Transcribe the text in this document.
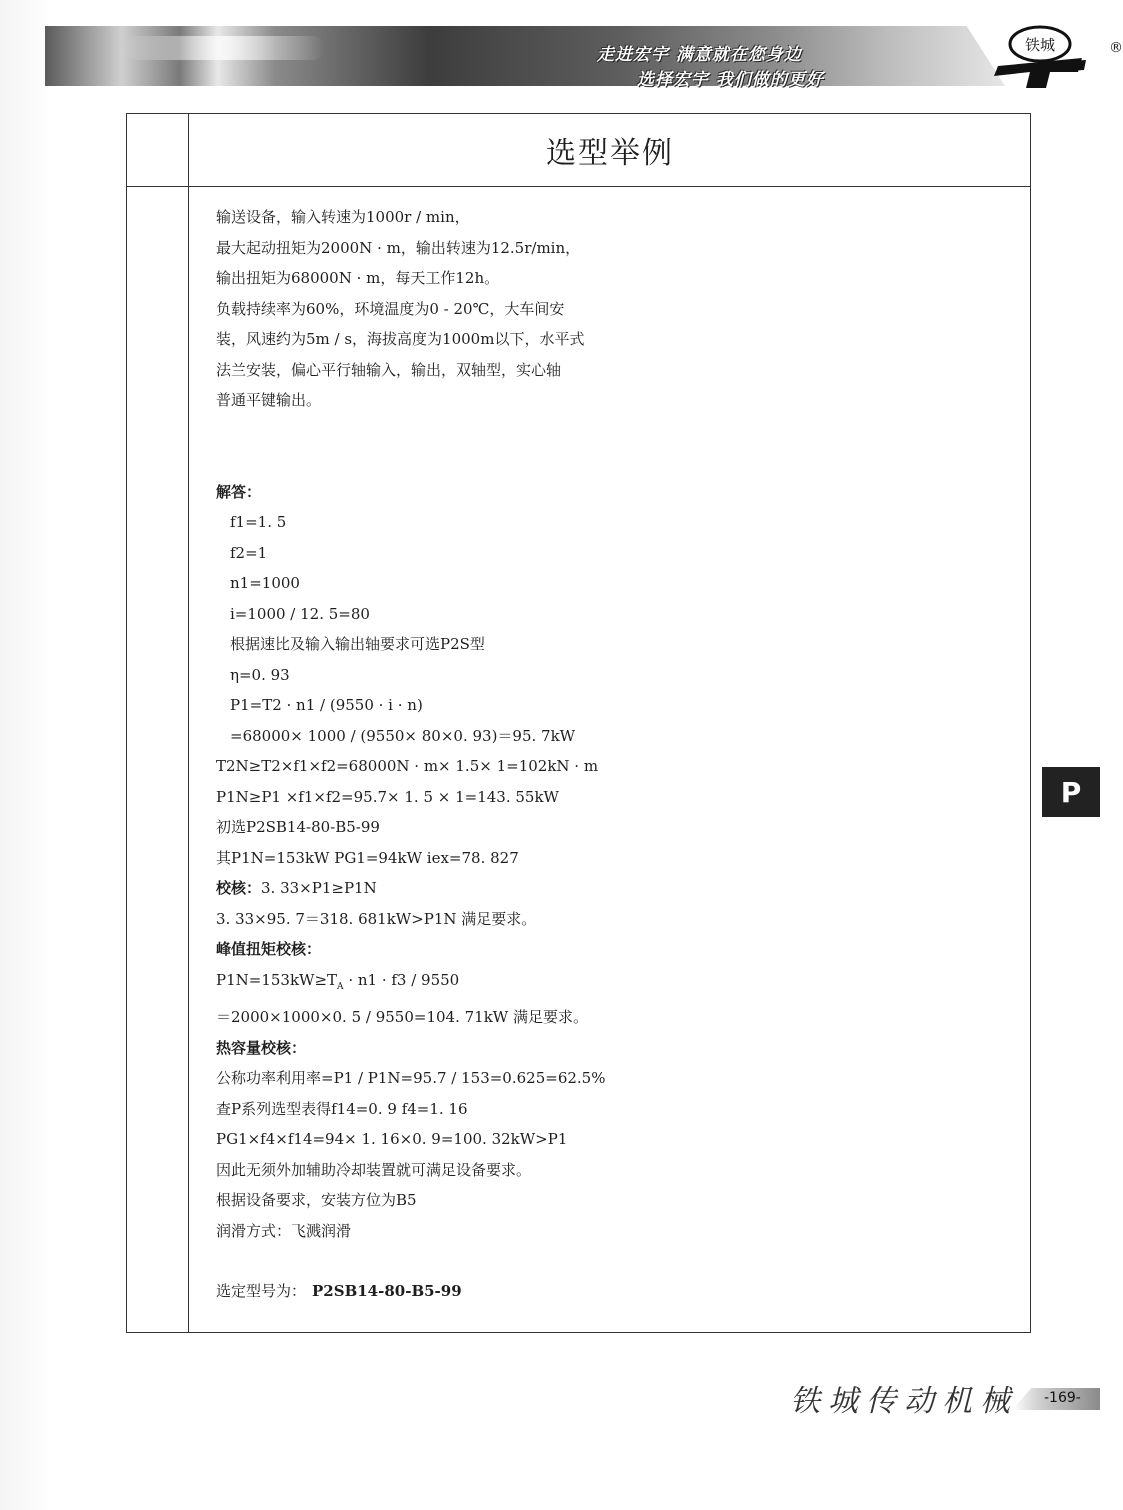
走进宏宇 满意就在您身边
选择宏宇 我们做的更好
铁城	®
选型举例
输送设备，输入转速为1000r / min，
最大起动扭矩为2000N · m，输出转速为12.5r/min，
输出扭矩为68000N · m，每天工作12h。
负载持续率为60%，环境温度为0 - 20℃，大车间安
装，风速约为5m / s，海拔高度为1000m以下，水平式
法兰安装，偏心平行轴输入，输出，双轴型，实心轴
普通平键输出。
解答：
f1=1. 5
f2=1
n1=1000
i=1000 / 12. 5=80
根据速比及输入输出轴要求可选P2S型
η=0. 93
P1=T2 · n1 / (9550 · i · n)
=68000× 1000 / (9550× 80×0. 93)＝95. 7kW
T2N≥T2×f1×f2=68000N · m× 1.5× 1=102kN · m
P1N≥P1 ×f1×f2=95.7× 1. 5 × 1=143. 55kW
初选P2SB14-80-B5-99
其P1N=153kW PG1=94kW iex=78. 827
校核：3. 33×P1≥P1N
3. 33×95. 7＝318. 681kW>P1N 满足要求。
峰值扭矩校核：
$P1N=153kW\ge T_A \cdot n1 \cdot f3 / 9550$
＝2000×1000×0. 5 / 9550=104. 71kW 满足要求。
热容量校核：
公称功率利用率=P1 / P1N=95.7 / 153=0.625=62.5%
查P系列选型表得f14=0. 9 f4=1. 16
PG1×f4×f14=94× 1. 16×0. 9=100. 32kW>P1
因此无须外加辅助冷却装置就可满足设备要求。
根据设备要求，安装方位为B5
润滑方式：飞溅润滑
选定型号为： P2SB14-80-B5-99
P
铁城传动机械 -169-
